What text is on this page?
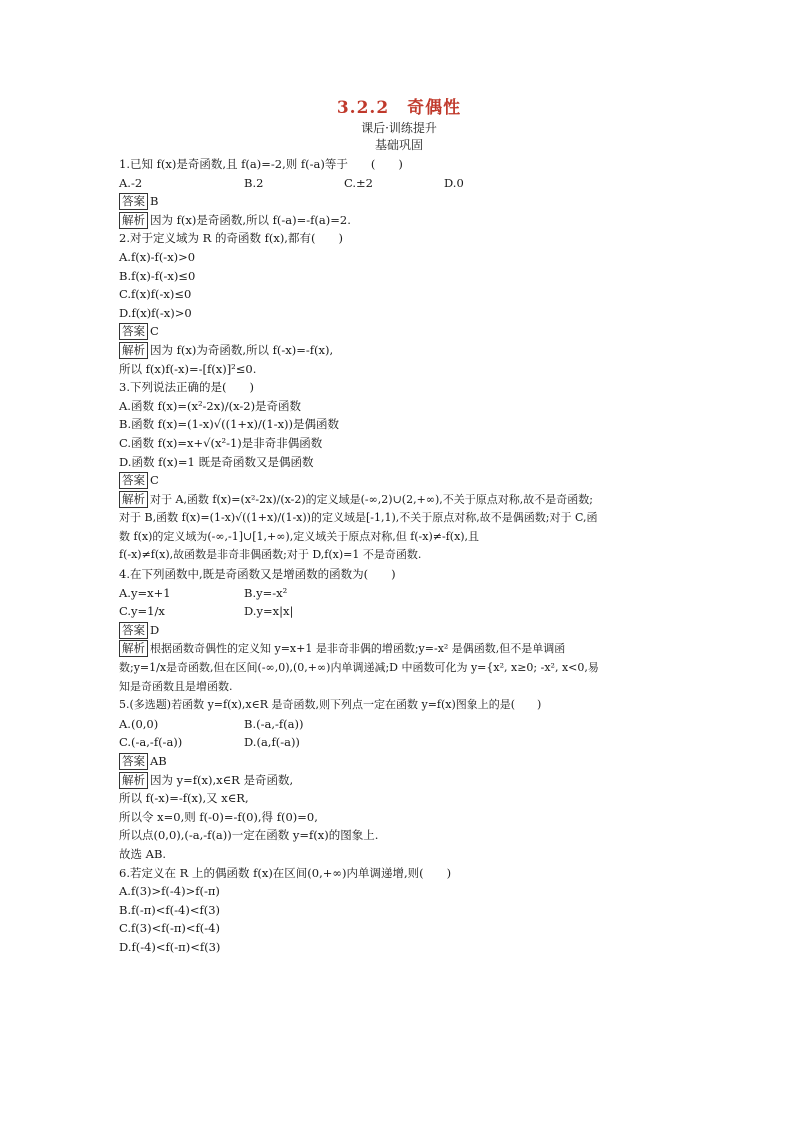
3.2.2　奇偶性
课后·训练提升
基础巩固
1.已知 f(x)是奇函数,且 f(a)=-2,则 f(-a)等于　　(　　)
A.-2	B.2	C.±2	D.0
答案 B
解析 因为 f(x)是奇函数,所以 f(-a)=-f(a)=2.
2.对于定义域为 R 的奇函数 f(x),都有(　　)
A.f(x)-f(-x)>0
B.f(x)-f(-x)≤0
C.f(x)f(-x)≤0
D.f(x)f(-x)>0
答案 C
解析 因为 f(x)为奇函数,所以 f(-x)=-f(x),
所以 f(x)f(-x)=-[f(x)]²≤0.
3.下列说法正确的是(　　)
A.函数 f(x)=(x²-2x)/(x-2)是奇函数
B.函数 f(x)=(1-x)√((1+x)/(1-x))是偶函数
C.函数 f(x)=x+√(x²-1)是非奇非偶函数
D.函数 f(x)=1 既是奇函数又是偶函数
答案 C
解析 对于 A,函数 f(x)=(x²-2x)/(x-2)的定义域是(-∞,2)∪(2,+∞),不关于原点对称,故不是奇函数;
对于 B,函数 f(x)=(1-x)√((1+x)/(1-x))的定义域是[-1,1),不关于原点对称,故不是偶函数;对于 C,函
数 f(x)的定义域为(-∞,-1]∪[1,+∞),定义域关于原点对称,但 f(-x)≠-f(x),且
f(-x)≠f(x),故函数是非奇非偶函数;对于 D,f(x)=1 不是奇函数.
4.在下列函数中,既是奇函数又是增函数的函数为(　　)
A.y=x+1	B.y=-x²
C.y=1/x	D.y=x|x|
答案 D
解析 根据函数奇偶性的定义知 y=x+1 是非奇非偶的增函数;y=-x² 是偶函数,但不是单调函
数;y=1/x是奇函数,但在区间(-∞,0),(0,+∞)内单调递减;D 中函数可化为 y={x², x≥0; -x², x<0,易
知是奇函数且是增函数.
5.(多选题)若函数 y=f(x),x∈R 是奇函数,则下列点一定在函数 y=f(x)图象上的是(　　)
A.(0,0)	B.(-a,-f(a))
C.(-a,-f(-a))	D.(a,f(-a))
答案 AB
解析 因为 y=f(x),x∈R 是奇函数,
所以 f(-x)=-f(x),又 x∈R,
所以令 x=0,则 f(-0)=-f(0),得 f(0)=0,
所以点(0,0),(-a,-f(a))一定在函数 y=f(x)的图象上.
故选 AB.
6.若定义在 R 上的偶函数 f(x)在区间(0,+∞)内单调递增,则(　　)
A.f(3)>f(-4)>f(-π)
B.f(-π)<f(-4)<f(3)
C.f(3)<f(-π)<f(-4)
D.f(-4)<f(-π)<f(3)
